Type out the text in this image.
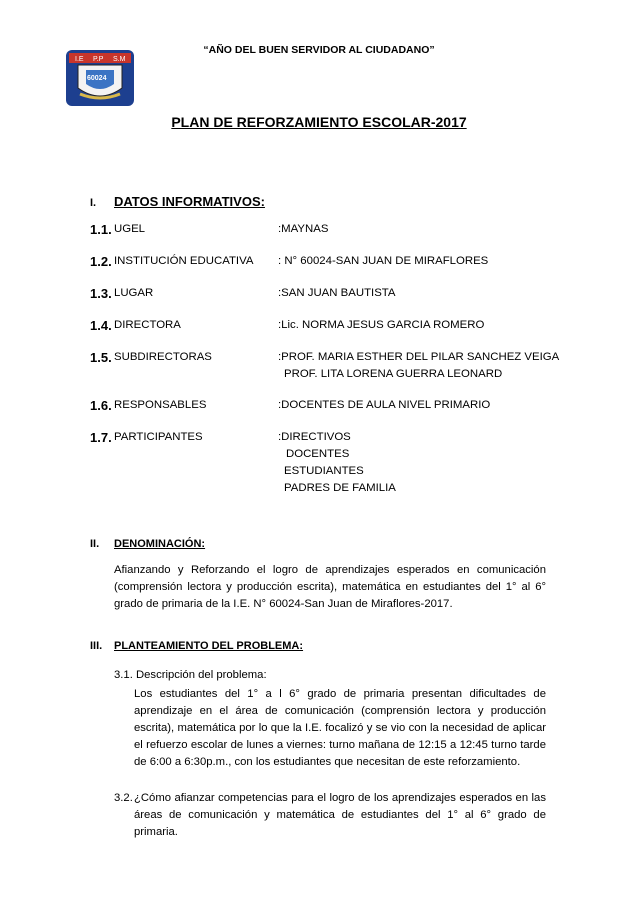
“AÑO DEL BUEN SERVIDOR AL CIUDADANO”
I.E P.P S.M
60024
PLAN DE REFORZAMIENTO ESCOLAR-2017
I. DATOS INFORMATIVOS:
1.1. UGEL	:MAYNAS
1.2. INSTITUCIÓN EDUCATIVA : N° 60024-SAN JUAN DE MIRAFLORES
1.3. LUGAR	:SAN JUAN BAUTISTA
1.4. DIRECTORA	:Lic. NORMA JESUS GARCIA ROMERO
1.5. SUBDIRECTORAS	:PROF. MARIA ESTHER DEL PILAR SANCHEZ VEIGA
PROF. LITA LORENA GUERRA LEONARD
1.6. RESPONSABLES	:DOCENTES DE AULA NIVEL PRIMARIO
1.7. PARTICIPANTES	:DIRECTIVOS
DOCENTES
ESTUDIANTES
PADRES DE FAMILIA
II. DENOMINACIÓN:
Afianzando y Reforzando el logro de aprendizajes esperados en comunicación (comprensión lectora y producción escrita), matemática en estudiantes del 1° al 6° grado de primaria de la I.E. N° 60024-San Juan de Miraflores-2017.
III. PLANTEAMIENTO DEL PROBLEMA:
3.1. Descripción del problema:
Los estudiantes del 1° a l 6° grado de primaria presentan dificultades de aprendizaje en el área de comunicación (comprensión lectora y producción escrita), matemática por lo que la I.E. focalizó y se vio con la necesidad de aplicar el refuerzo escolar de lunes a viernes: turno mañana de 12:15 a 12:45 turno tarde de 6:00 a 6:30p.m., con los estudiantes que necesitan de este reforzamiento.
3.2. ¿Cómo afianzar competencias para el logro de los aprendizajes esperados en las áreas de comunicación y matemática de estudiantes del 1° al 6° grado de primaria.
